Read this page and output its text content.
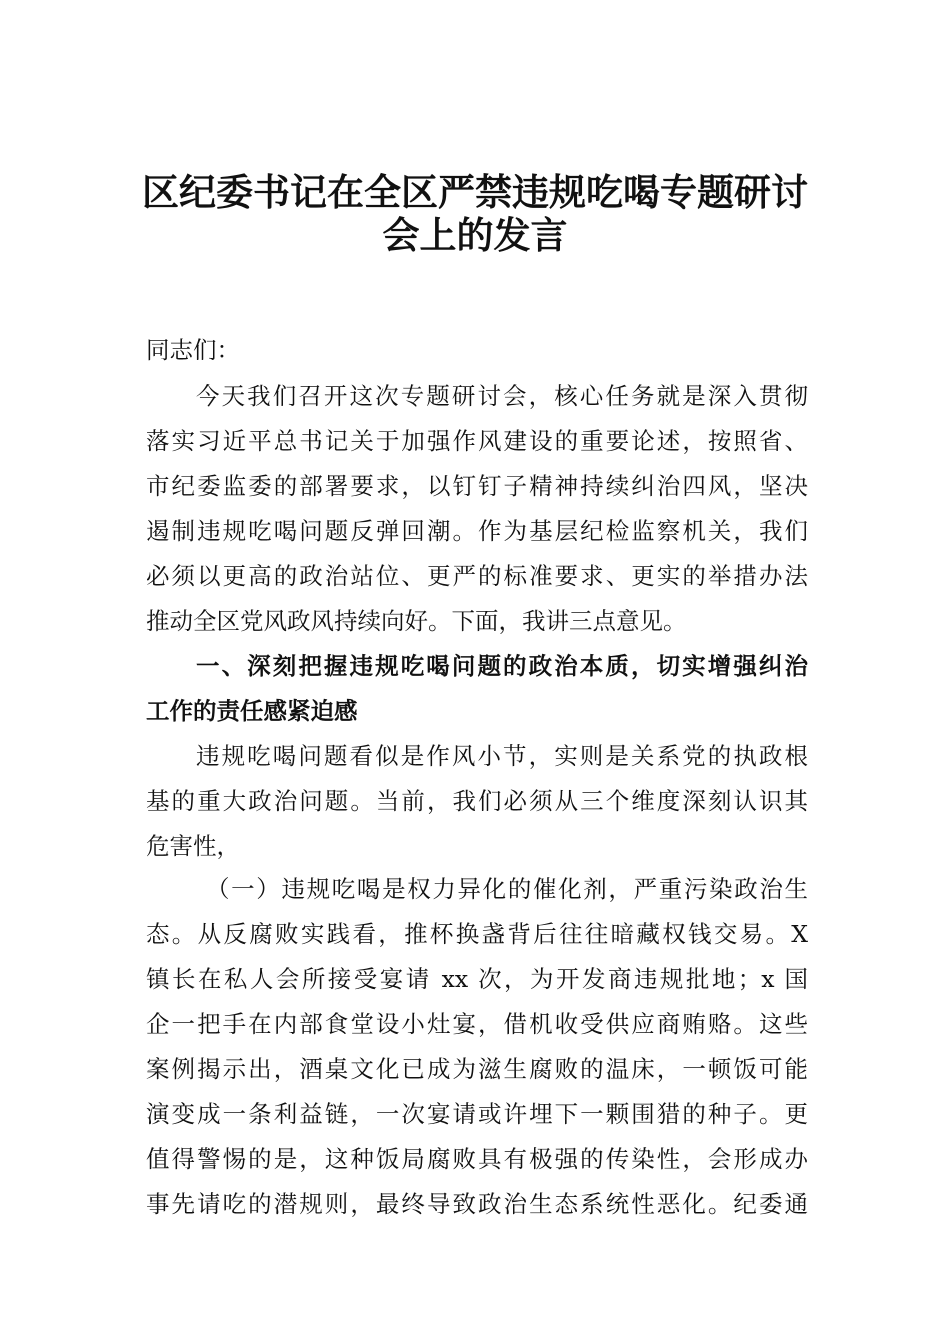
区纪委书记在全区严禁违规吃喝专题研讨
会上的发言
同志们：
今天我们召开这次专题研讨会，核心任务就是深入贯彻
落实习近平总书记关于加强作风建设的重要论述，按照省、
市纪委监委的部署要求，以钉钉子精神持续纠治四风，坚决
遏制违规吃喝问题反弹回潮。作为基层纪检监察机关，我们
必须以更高的政治站位、更严的标准要求、更实的举措办法
推动全区党风政风持续向好。下面，我讲三点意见。
一、深刻把握违规吃喝问题的政治本质，切实增强纠治
工作的责任感紧迫感
违规吃喝问题看似是作风小节，实则是关系党的执政根
基的重大政治问题。当前，我们必须从三个维度深刻认识其
危害性，
（一）违规吃喝是权力异化的催化剂，严重污染政治生
态。从反腐败实践看，推杯换盏背后往往暗藏权钱交易。X
镇长在私人会所接受宴请 xx 次，为开发商违规批地；x 国
企一把手在内部食堂设小灶宴，借机收受供应商贿赂。这些
案例揭示出，酒桌文化已成为滋生腐败的温床，一顿饭可能
演变成一条利益链，一次宴请或许埋下一颗围猎的种子。更
值得警惕的是，这种饭局腐败具有极强的传染性，会形成办
事先请吃的潜规则，最终导致政治生态系统性恶化。纪委通
